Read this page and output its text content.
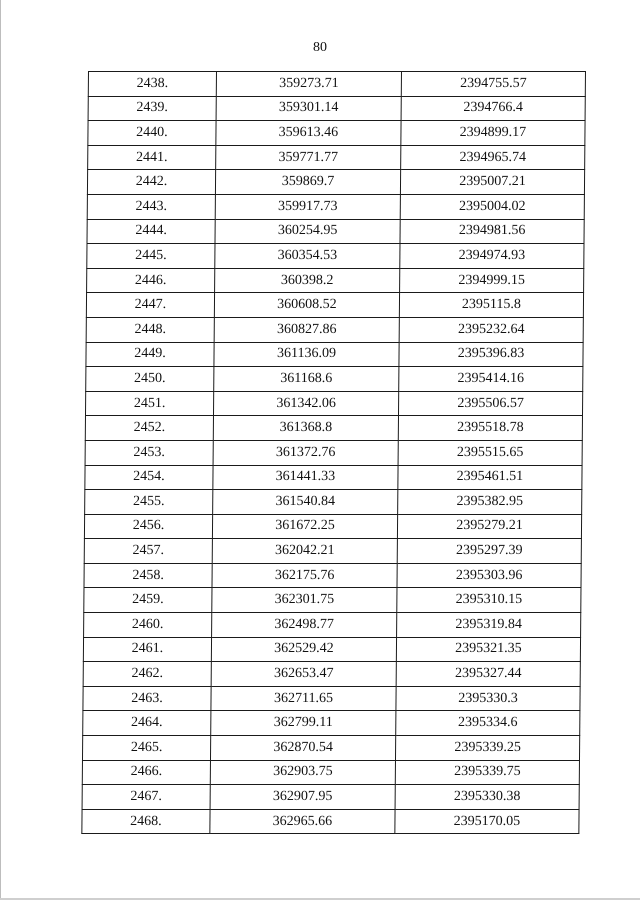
80
2438.	359273.71	2394755.57
2439.	359301.14	2394766.4
2440.	359613.46	2394899.17
2441.	359771.77	2394965.74
2442.	359869.7	2395007.21
2443.	359917.73	2395004.02
2444.	360254.95	2394981.56
2445.	360354.53	2394974.93
2446.	360398.2	2394999.15
2447.	360608.52	2395115.8
2448.	360827.86	2395232.64
2449.	361136.09	2395396.83
2450.	361168.6	2395414.16
2451.	361342.06	2395506.57
2452.	361368.8	2395518.78
2453.	361372.76	2395515.65
2454.	361441.33	2395461.51
2455.	361540.84	2395382.95
2456.	361672.25	2395279.21
2457.	362042.21	2395297.39
2458.	362175.76	2395303.96
2459.	362301.75	2395310.15
2460.	362498.77	2395319.84
2461.	362529.42	2395321.35
2462.	362653.47	2395327.44
2463.	362711.65	2395330.3
2464.	362799.11	2395334.6
2465.	362870.54	2395339.25
2466.	362903.75	2395339.75
2467.	362907.95	2395330.38
2468.	362965.66	2395170.05
